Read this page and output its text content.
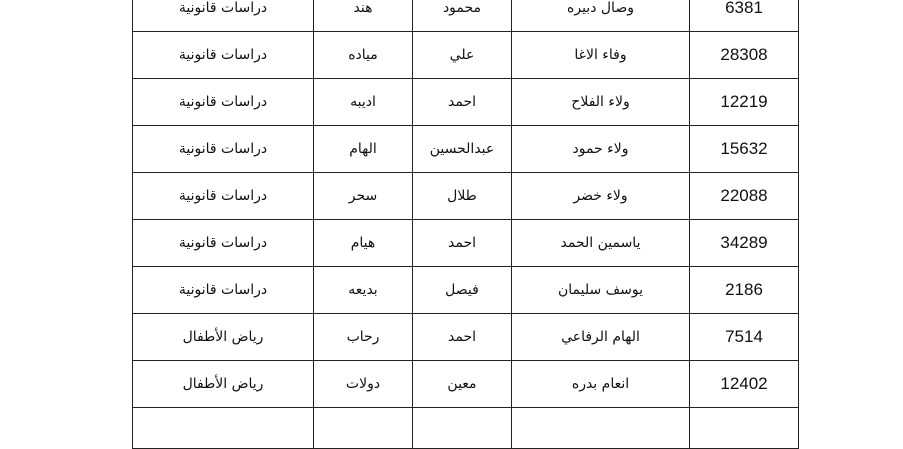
دراسات قانونية	هند	محمود	وصال دبيره	6381
دراسات قانونية	مياده	علي	وفاء الاغا	28308
دراسات قانونية	اديبه	احمد	ولاء الفلاح	12219
دراسات قانونية	الهام	عبدالحسين	ولاء حمود	15632
دراسات قانونية	سحر	طلال	ولاء خضر	22088
دراسات قانونية	هيام	احمد	ياسمين الحمد	34289
دراسات قانونية	بديعه	فيصل	يوسف سليمان	2186
رياض الأطفال	رحاب	احمد	الهام الرفاعي	7514
رياض الأطفال	دولات	معين	انعام بدره	12402
